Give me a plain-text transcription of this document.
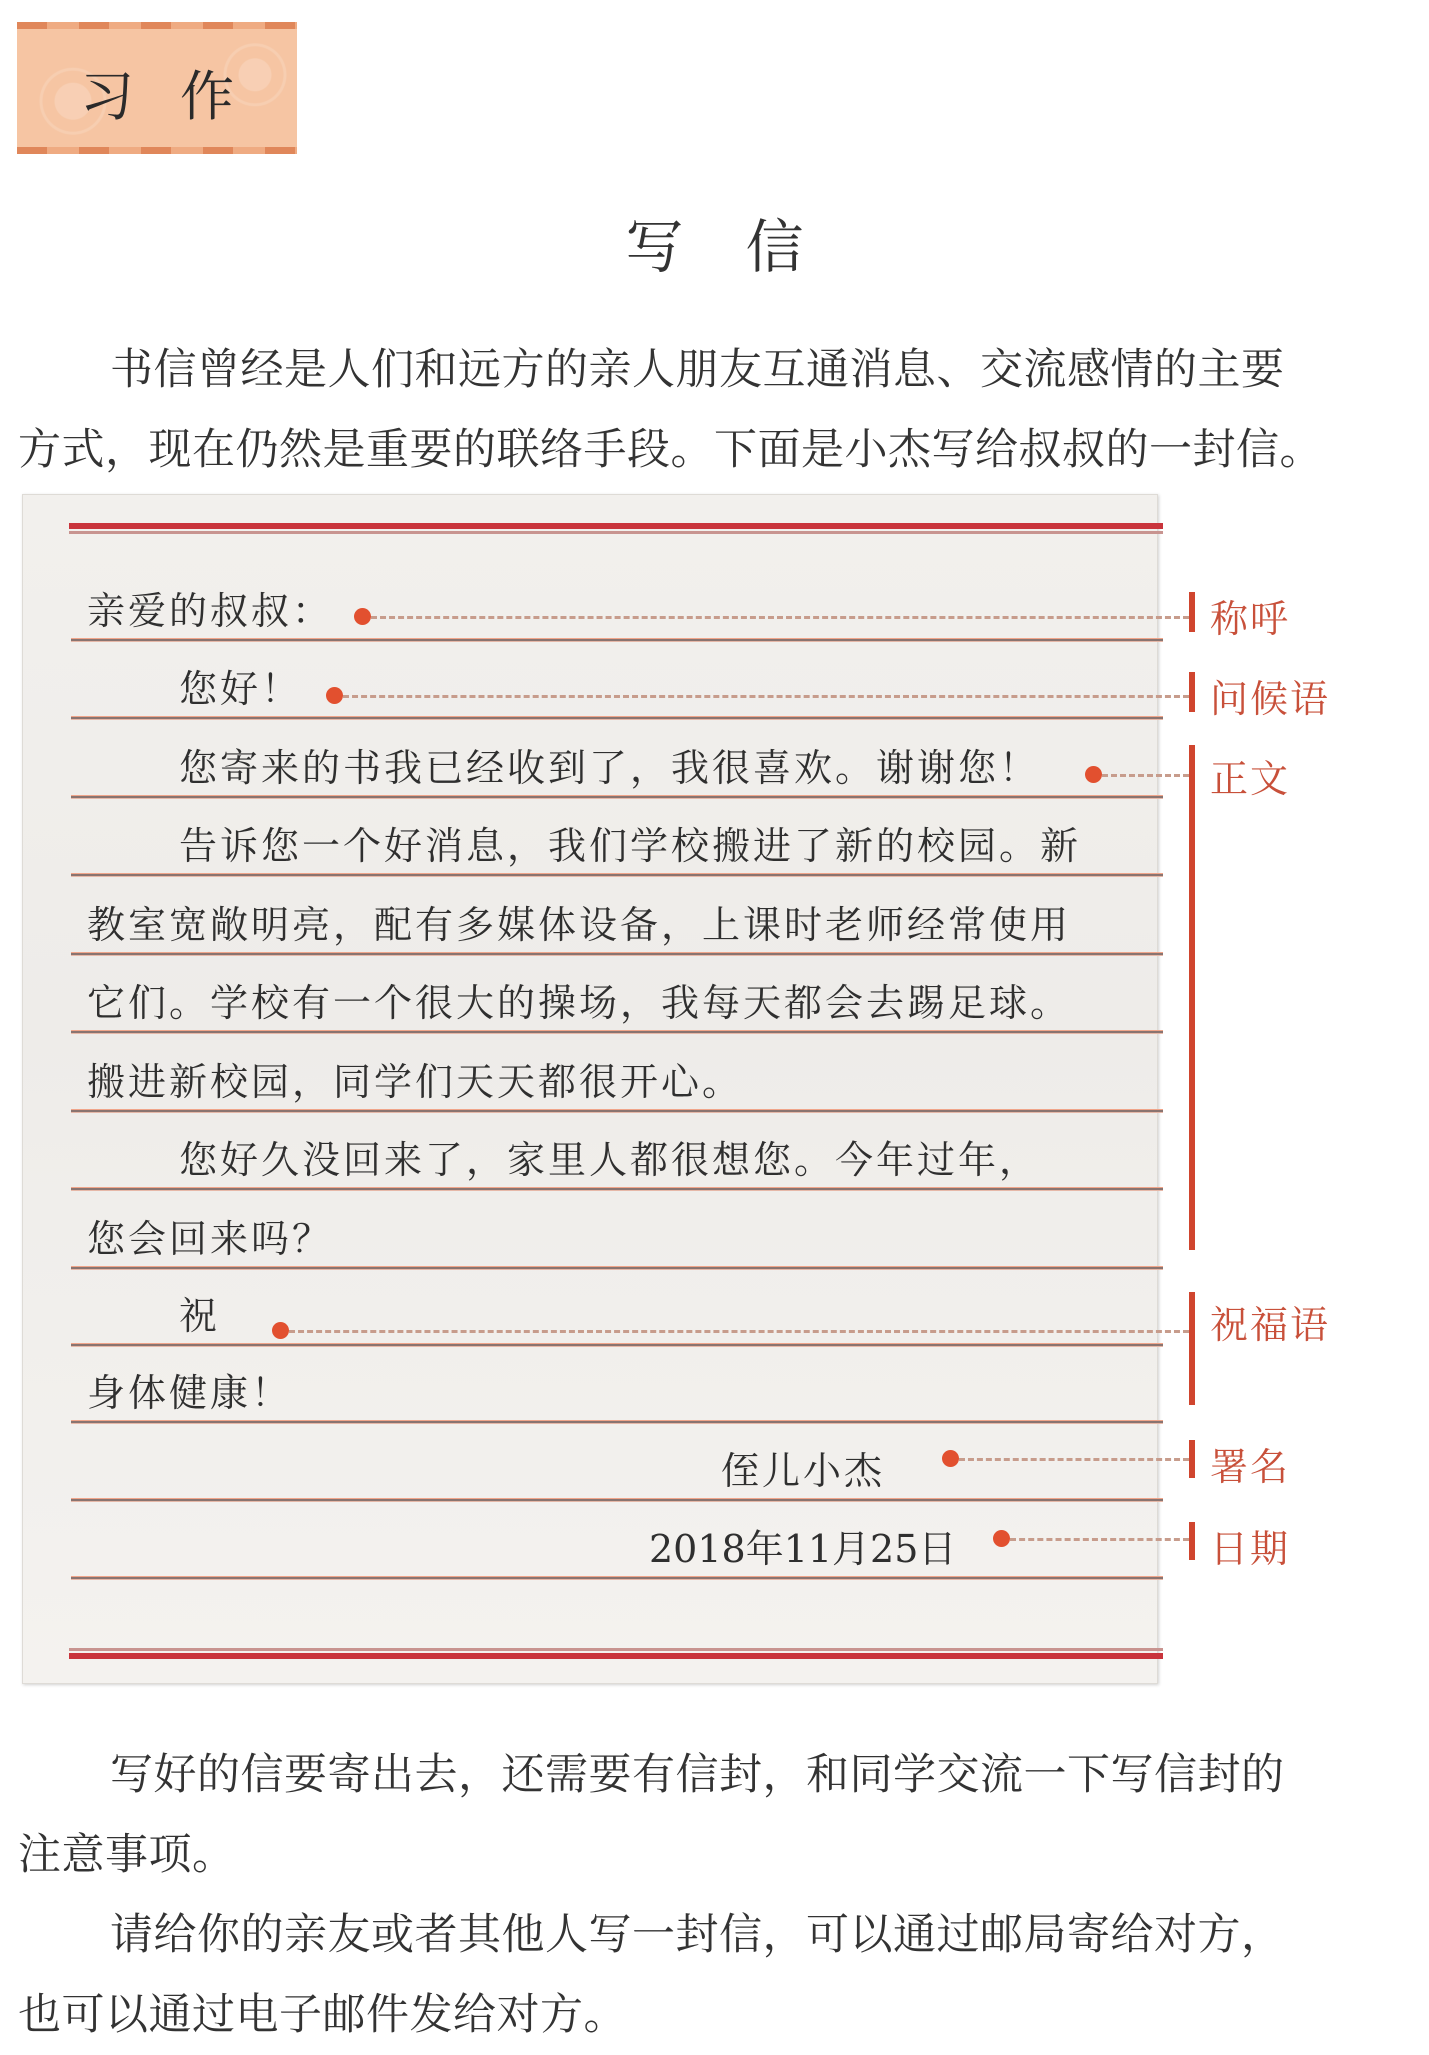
习作
写信
书信曾经是人们和远方的亲人朋友互通消息、交流感情的主要
方式，现在仍然是重要的联络手段。下面是小杰写给叔叔的一封信。
亲爱的叔叔：
您好！
您寄来的书我已经收到了，我很喜欢。谢谢您！
告诉您一个好消息，我们学校搬进了新的校园。新
教室宽敞明亮，配有多媒体设备，上课时老师经常使用
它们。学校有一个很大的操场，我每天都会去踢足球。
搬进新校园，同学们天天都很开心。
您好久没回来了，家里人都很想您。今年过年，
您会回来吗？
祝
身体健康！
侄儿小杰
2018年11月25日
称呼
问候语
正文
祝福语
署名
日期
写好的信要寄出去，还需要有信封，和同学交流一下写信封的
注意事项。
请给你的亲友或者其他人写一封信，可以通过邮局寄给对方，
也可以通过电子邮件发给对方。
